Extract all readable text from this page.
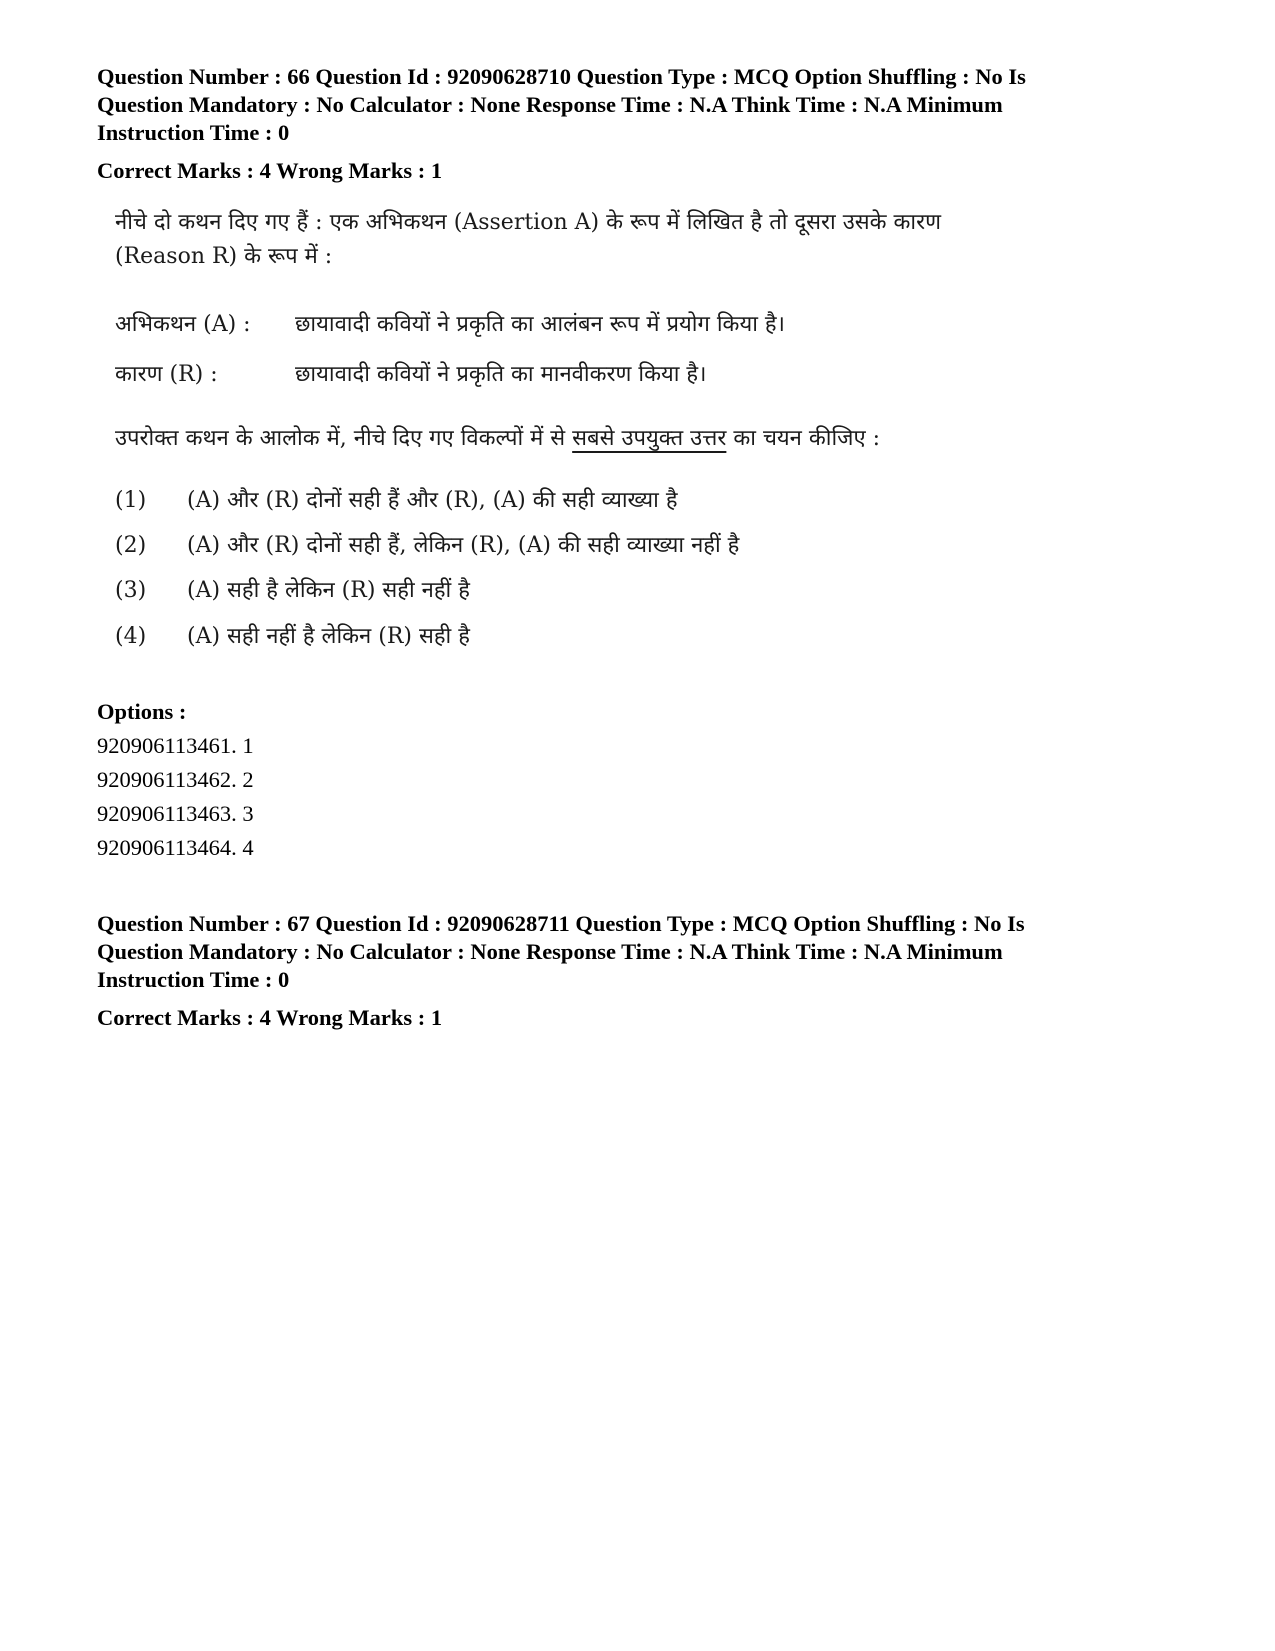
Question Number : 66 Question Id : 92090628710 Question Type : MCQ Option Shuffling : No Is
Question Mandatory : No Calculator : None Response Time : N.A Think Time : N.A Minimum
Instruction Time : 0
Correct Marks : 4 Wrong Marks : 1
नीचे दो कथन दिए गए हैं : एक अभिकथन (Assertion A) के रूप में लिखित है तो दूसरा उसके कारण (Reason R) के रूप में :
अभिकथन (A) : छायावादी कवियों ने प्रकृति का आलंबन रूप में प्रयोग किया है।
कारण (R) :	छायावादी कवियों ने प्रकृति का मानवीकरण किया है।
उपरोक्त कथन के आलोक में, नीचे दिए गए विकल्पों में से सबसे उपयुक्त उत्तर का चयन कीजिए :
(1) (A) और (R) दोनों सही हैं और (R), (A) की सही व्याख्या है
(2) (A) और (R) दोनों सही हैं, लेकिन (R), (A) की सही व्याख्या नहीं है
(3) (A) सही है लेकिन (R) सही नहीं है
(4) (A) सही नहीं है लेकिन (R) सही है
Options :
920906113461. 1
920906113462. 2
920906113463. 3
920906113464. 4
Question Number : 67 Question Id : 92090628711 Question Type : MCQ Option Shuffling : No Is
Question Mandatory : No Calculator : None Response Time : N.A Think Time : N.A Minimum
Instruction Time : 0
Correct Marks : 4 Wrong Marks : 1
